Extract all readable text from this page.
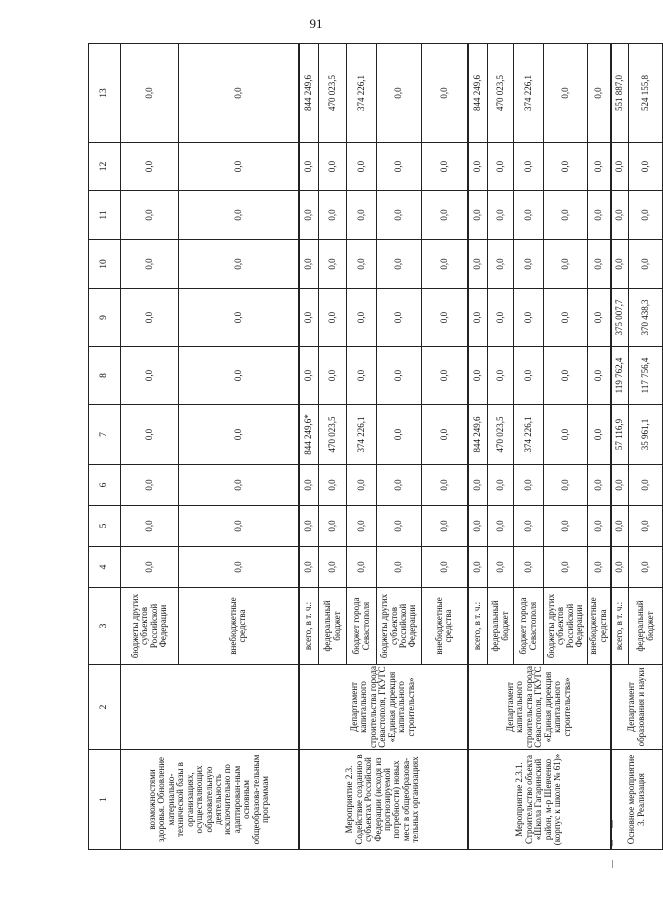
91
1	2	3	4	5	6	7	8	9	10	11	12	13
возможностями здоровья. Обновление материально-технической базы в организациях, осуществляющих образовательную деятельность исключительно по адаптирован-ным основным общеобразова-тельным программам		бюджеты других субъектов Российской Федерации	0,0	0,0	0,0	0,0	0,0	0,0	0,0	0,0	0,0	0,0
		внебюджетные средства	0,0	0,0	0,0	0,0	0,0	0,0	0,0	0,0	0,0	0,0
Мероприятие 2.3. Содействие созданию в субъектах Российской Федерации (исходя из прогнозируемой потребности) новых мест в общеобразова-тельных организациях	Департамент капитального строительства города Севастополя, ГКУГС «Единая дирекция капитального строительства»	всего, в т. ч.:	0,0	0,0	0,0	844 249,6*	0,0	0,0	0,0	0,0	0,0	844 249,6
		федеральный бюджет	0,0	0,0	0,0	470 023,5	0,0	0,0	0,0	0,0	0,0	470 023,5
		бюджет города Севастополя	0,0	0,0	0,0	374 226,1	0,0	0,0	0,0	0,0	0,0	374 226,1
		бюджеты других субъектов Российской Федерации	0,0	0,0	0,0	0,0	0,0	0,0	0,0	0,0	0,0	0,0
		внебюджетные средства	0,0	0,0	0,0	0,0	0,0	0,0	0,0	0,0	0,0	0,0
Мероприятие 2.3.1. Строительство объекта «Школа Гагаринский район, м-р Шевченко (корпус к школе № 61)»	Департамент капитального строительства города Севастополя, ГКУГС «Единая дирекция капитального строительства»	всего, в т. ч.:	0,0	0,0	0,0	844 249,6	0,0	0,0	0,0	0,0	0,0	844 249,6
		федеральный бюджет	0,0	0,0	0,0	470 023,5	0,0	0,0	0,0	0,0	0,0	470 023,5
		бюджет города Севастополя	0,0	0,0	0,0	374 226,1	0,0	0,0	0,0	0,0	0,0	374 226,1
		бюджеты других субъектов Российской Федерации	0,0	0,0	0,0	0,0	0,0	0,0	0,0	0,0	0,0	0,0
		внебюджетные средства	0,0	0,0	0,0	0,0	0,0	0,0	0,0	0,0	0,0	0,0
Основное мероприятие 3. Реализация	Департамент образования и науки	всего, в т. ч.:	0,0	0,0	0,0	57 116,9	119 762,4	375 007,7	0,0	0,0	0,0	551 887,0
		федеральный бюджет	0,0	0,0	0,0	35 961,1	117 756,4	370 438,3	0,0	0,0	0,0	524 155,8
